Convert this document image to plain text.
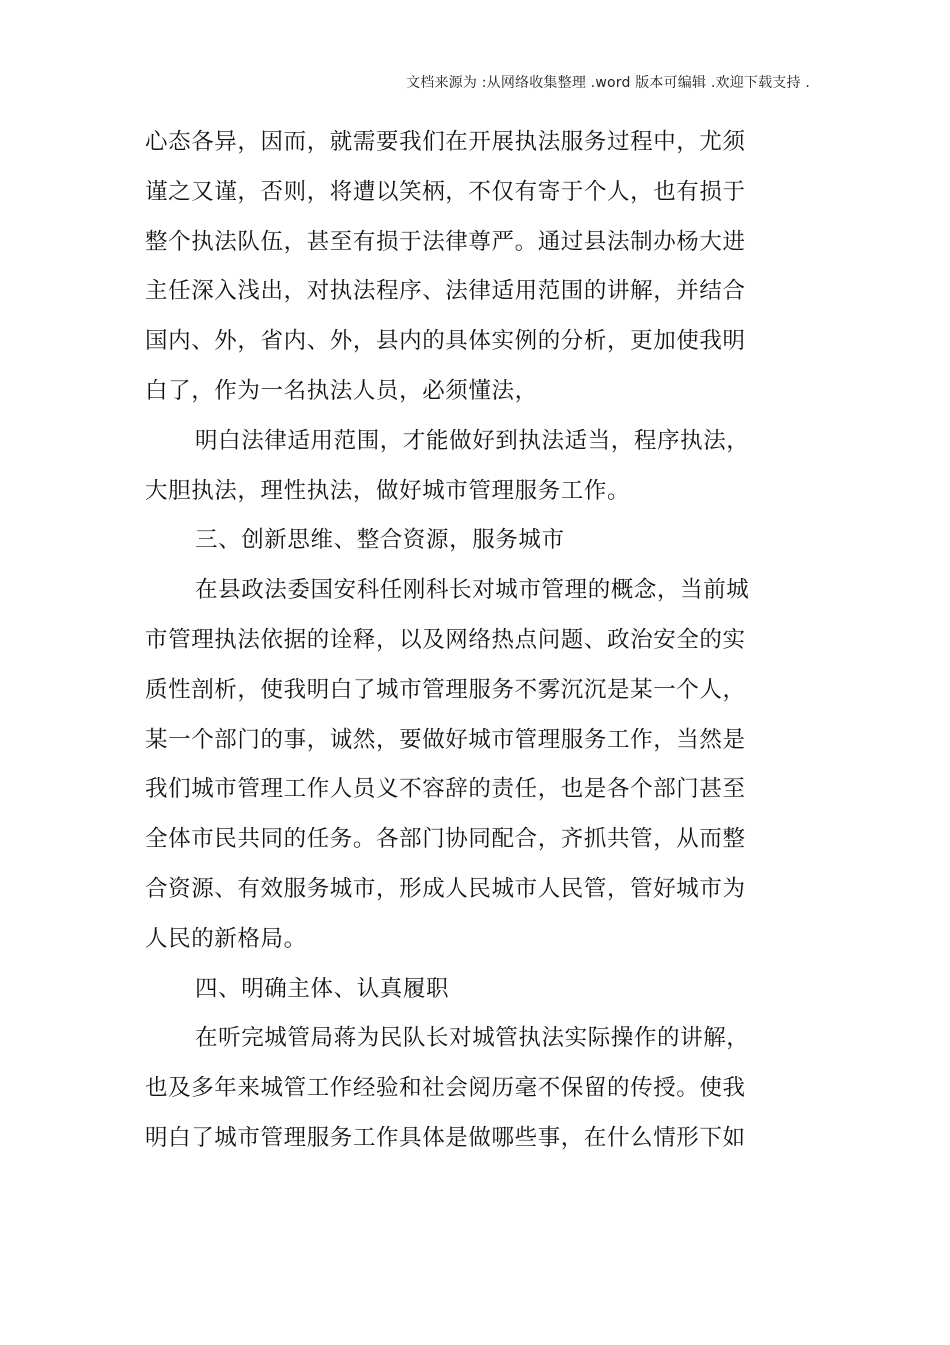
文档来源为 :从网络收集整理 .word 版本可编辑 .欢迎下载支持 .
心态各异，因而，就需要我们在开展执法服务过程中，尤须
谨之又谨，否则，将遭以笑柄，不仅有寄于个人，也有损于
整个执法队伍，甚至有损于法律尊严。通过县法制办杨大进
主任深入浅出，对执法程序、法律适用范围的讲解，并结合
国内、外，省内、外，县内的具体实例的分析，更加使我明
白了，作为一名执法人员，必须懂法，
明白法律适用范围，才能做好到执法适当，程序执法，
大胆执法，理性执法，做好城市管理服务工作。
三、创新思维、整合资源，服务城市
在县政法委国安科任刚科长对城市管理的概念，当前城
市管理执法依据的诠释，以及网络热点问题、政治安全的实
质性剖析，使我明白了城市管理服务不雾沉沉是某一个人，
某一个部门的事，诚然，要做好城市管理服务工作，当然是
我们城市管理工作人员义不容辞的责任，也是各个部门甚至
全体市民共同的任务。各部门协同配合，齐抓共管，从而整
合资源、有效服务城市，形成人民城市人民管，管好城市为
人民的新格局。
四、明确主体、认真履职
在听完城管局蒋为民队长对城管执法实际操作的讲解，
也及多年来城管工作经验和社会阅历毫不保留的传授。使我
明白了城市管理服务工作具体是做哪些事，在什么情形下如
